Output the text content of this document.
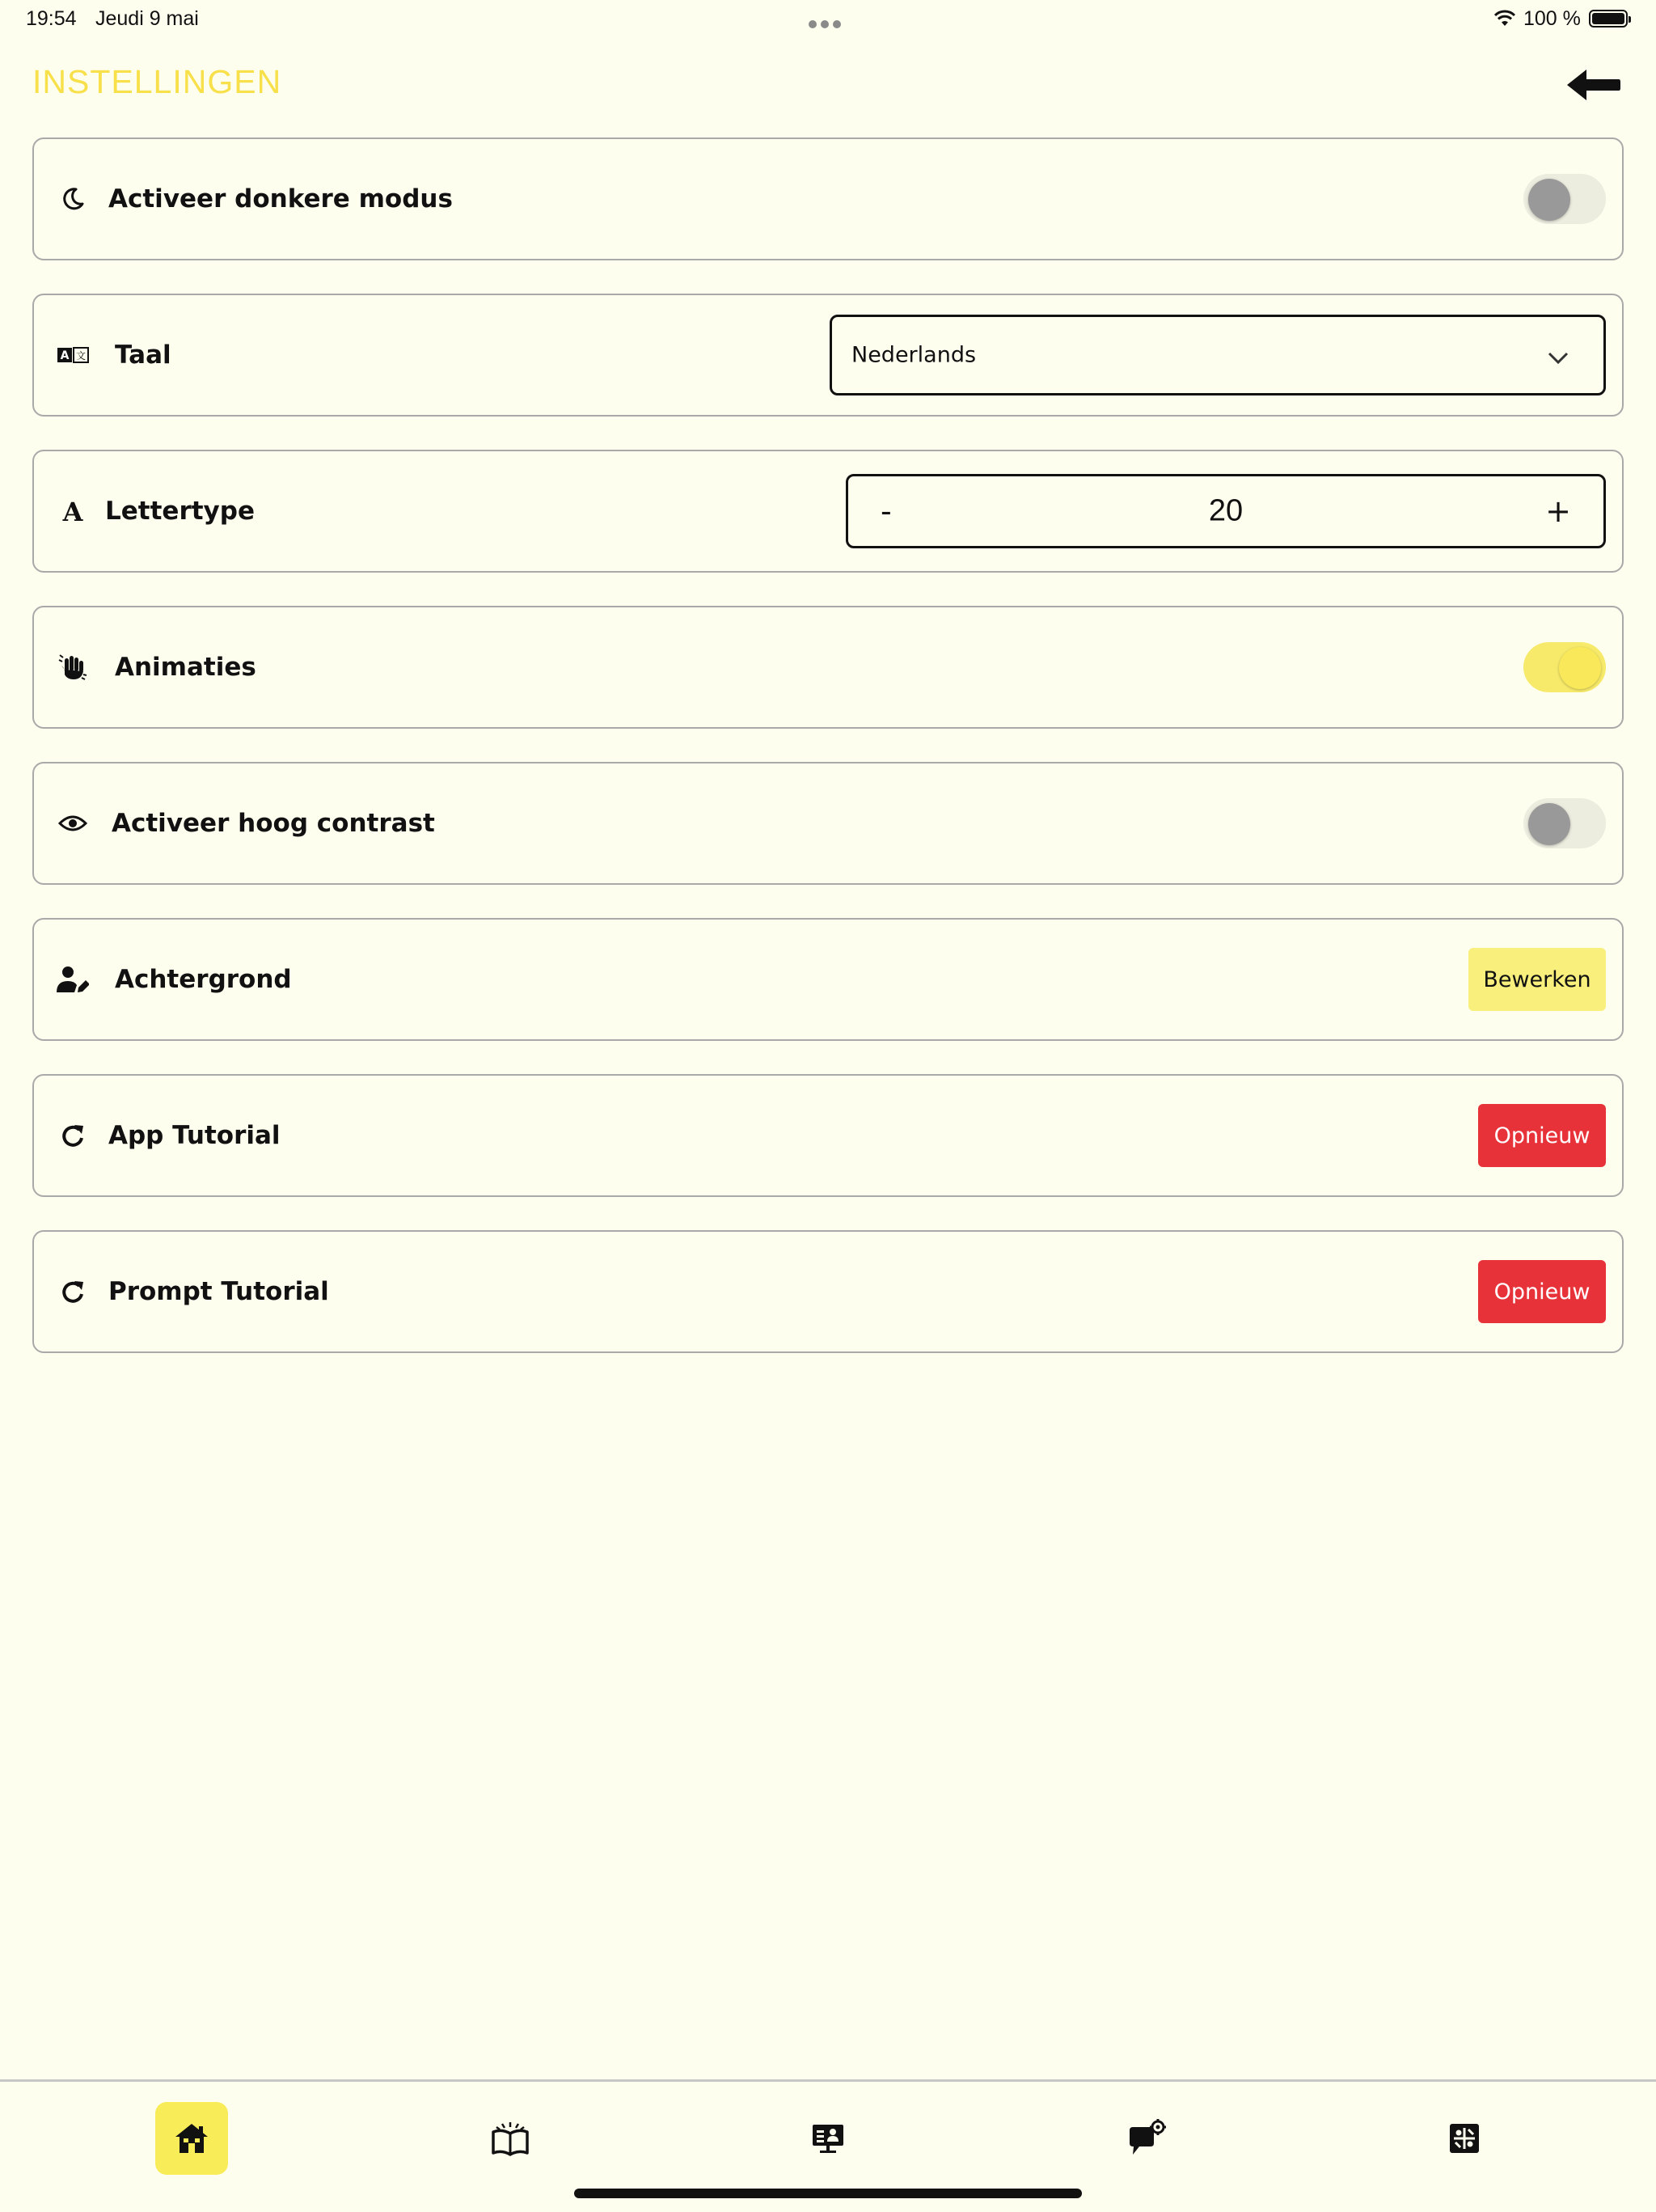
19:54 Jeudi 9 mai	100 %
INSTELLINGEN
Activeer donkere modus
A 文 Taal	Nederlands
A Lettertype	-	20	+
Animaties
Activeer hoog contrast
Achtergrond	Bewerken
App Tutorial	Opnieuw
Prompt Tutorial	Opnieuw
